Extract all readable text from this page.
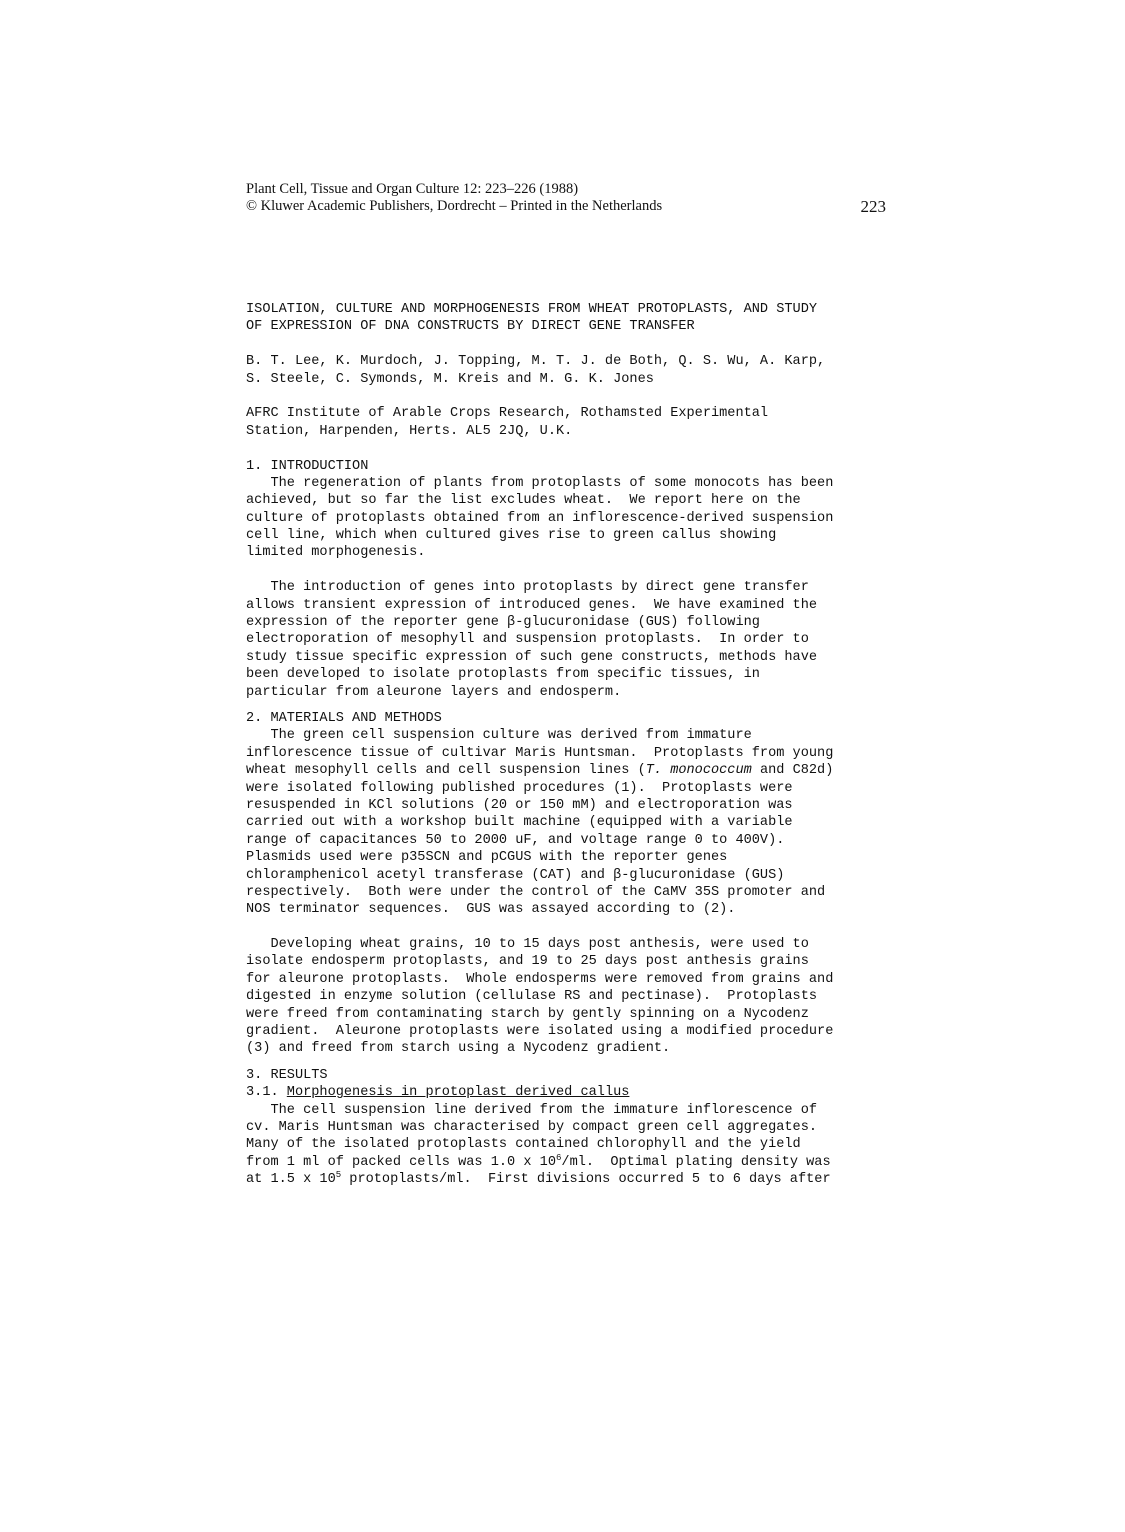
Plant Cell, Tissue and Organ Culture 12: 223–226 (1988)
© Kluwer Academic Publishers, Dordrecht – Printed in the Netherlands	223
ISOLATION, CULTURE AND MORPHOGENESIS FROM WHEAT PROTOPLASTS, AND STUDY
OF EXPRESSION OF DNA CONSTRUCTS BY DIRECT GENE TRANSFER
B. T. Lee, K. Murdoch, J. Topping, M. T. J. de Both, Q. S. Wu, A. Karp,
S. Steele, C. Symonds, M. Kreis and M. G. K. Jones
AFRC Institute of Arable Crops Research, Rothamsted Experimental
Station, Harpenden, Herts. AL5 2JQ, U.K.
1. INTRODUCTION
The regeneration of plants from protoplasts of some monocots has been
achieved, but so far the list excludes wheat.  We report here on the
culture of protoplasts obtained from an inflorescence-derived suspension
cell line, which when cultured gives rise to green callus showing
limited morphogenesis.
The introduction of genes into protoplasts by direct gene transfer
allows transient expression of introduced genes.  We have examined the
expression of the reporter gene β-glucuronidase (GUS) following
electroporation of mesophyll and suspension protoplasts.  In order to
study tissue specific expression of such gene constructs, methods have
been developed to isolate protoplasts from specific tissues, in
particular from aleurone layers and endosperm.
2. MATERIALS AND METHODS
The green cell suspension culture was derived from immature
inflorescence tissue of cultivar Maris Huntsman.  Protoplasts from young
wheat mesophyll cells and cell suspension lines (T. monococcum and C82d)
were isolated following published procedures (1).  Protoplasts were
resuspended in KCl solutions (20 or 150 mM) and electroporation was
carried out with a workshop built machine (equipped with a variable
range of capacitances 50 to 2000 uF, and voltage range 0 to 400V).
Plasmids used were p35SCN and pCGUS with the reporter genes
chloramphenicol acetyl transferase (CAT) and β-glucuronidase (GUS)
respectively.  Both were under the control of the CaMV 35S promoter and
NOS terminator sequences.  GUS was assayed according to (2).
Developing wheat grains, 10 to 15 days post anthesis, were used to
isolate endosperm protoplasts, and 19 to 25 days post anthesis grains
for aleurone protoplasts.  Whole endosperms were removed from grains and
digested in enzyme solution (cellulase RS and pectinase).  Protoplasts
were freed from contaminating starch by gently spinning on a Nycodenz
gradient.  Aleurone protoplasts were isolated using a modified procedure
(3) and freed from starch using a Nycodenz gradient.
3. RESULTS
3.1. Morphogenesis in protoplast derived callus
The cell suspension line derived from the immature inflorescence of
cv. Maris Huntsman was characterised by compact green cell aggregates.
Many of the isolated protoplasts contained chlorophyll and the yield
from 1 ml of packed cells was 1.0 x $10^6/ml$.  Optimal plating density was
at 1.5 x $10^5$ protoplasts/ml.  First divisions occurred 5 to 6 days after
